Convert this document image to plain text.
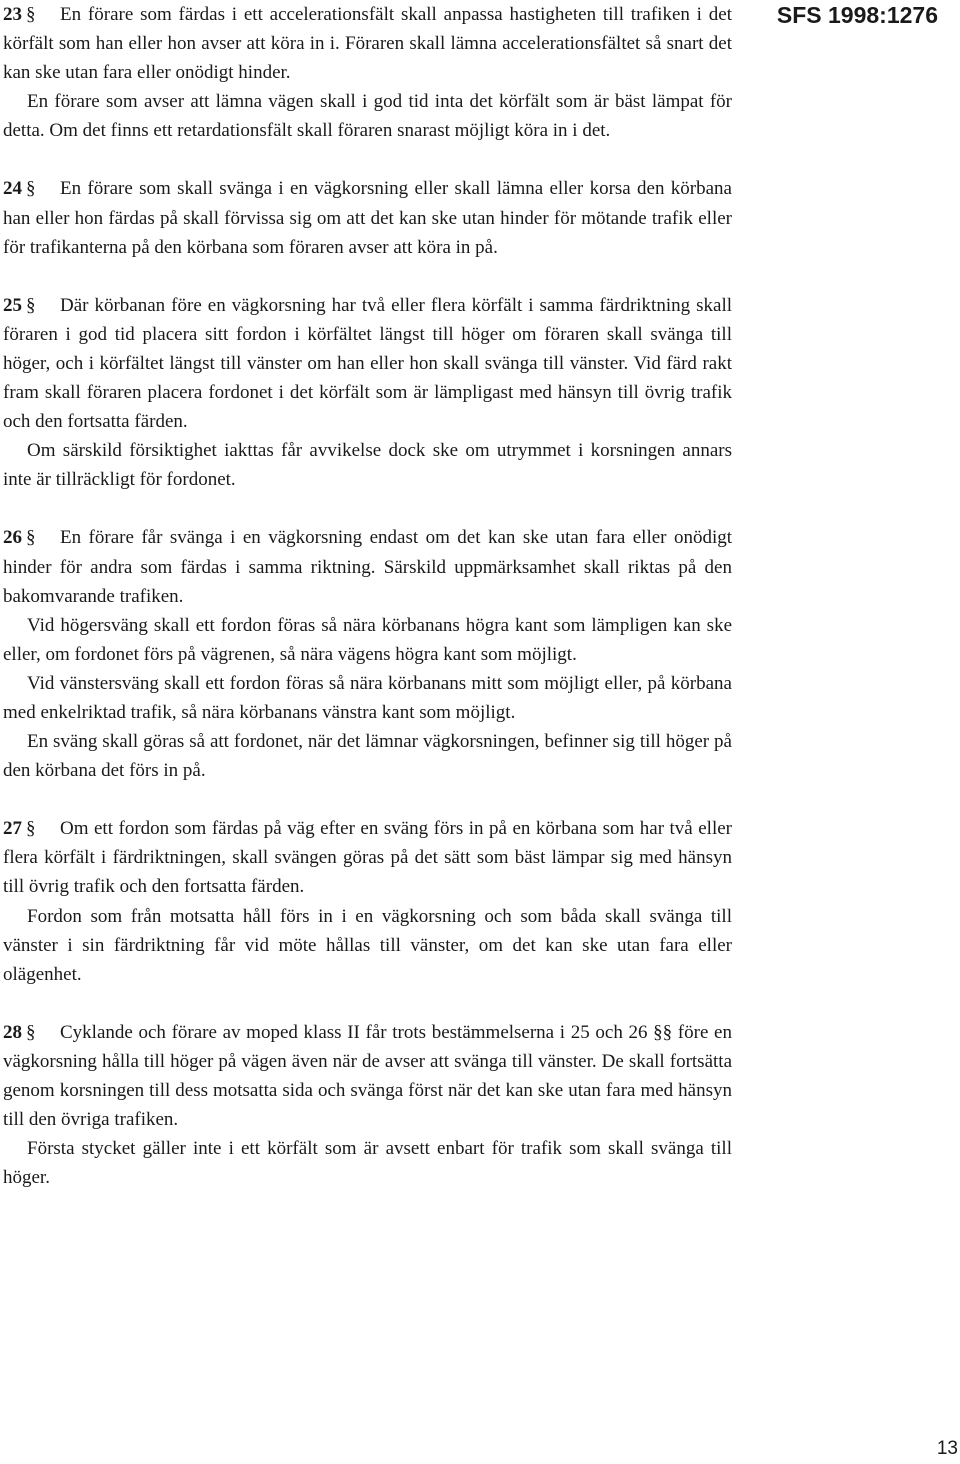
SFS 1998:1276

23 § En förare som färdas i ett accelerationsfält skall anpassa hastigheten till trafiken i det körfält som han eller hon avser att köra in i. Föraren skall lämna accelerationsfältet så snart det kan ske utan fara eller onödigt hinder.

En förare som avser att lämna vägen skall i god tid inta det körfält som är bäst lämpat för detta. Om det finns ett retardationsfält skall föraren snarast möjligt köra in i det.

24 § En förare som skall svänga i en vägkorsning eller skall lämna eller korsa den körbana han eller hon färdas på skall förvissa sig om att det kan ske utan hinder för mötande trafik eller för trafikanterna på den körbana som föraren avser att köra in på.

25 § Där körbanan före en vägkorsning har två eller flera körfält i samma färdriktning skall föraren i god tid placera sitt fordon i körfältet längst till höger om föraren skall svänga till höger, och i körfältet längst till vänster om han eller hon skall svänga till vänster. Vid färd rakt fram skall föraren placera fordonet i det körfält som är lämpligast med hänsyn till övrig trafik och den fortsatta färden.

Om särskild försiktighet iakttas får avvikelse dock ske om utrymmet i korsningen annars inte är tillräckligt för fordonet.

26 § En förare får svänga i en vägkorsning endast om det kan ske utan fara eller onödigt hinder för andra som färdas i samma riktning. Särskild uppmärksamhet skall riktas på den bakomvarande trafiken.

Vid högersväng skall ett fordon föras så nära körbanans högra kant som lämpligen kan ske eller, om fordonet förs på vägrenen, så nära vägens högra kant som möjligt.

Vid vänstersväng skall ett fordon föras så nära körbanans mitt som möjligt eller, på körbana med enkelriktad trafik, så nära körbanans vänstra kant som möjligt.

En sväng skall göras så att fordonet, när det lämnar vägkorsningen, befinner sig till höger på den körbana det förs in på.

27 § Om ett fordon som färdas på väg efter en sväng förs in på en körbana som har två eller flera körfält i färdriktningen, skall svängen göras på det sätt som bäst lämpar sig med hänsyn till övrig trafik och den fortsatta färden.

Fordon som från motsatta håll förs in i en vägkorsning och som båda skall svänga till vänster i sin färdriktning får vid möte hållas till vänster, om det kan ske utan fara eller olägenhet.

28 § Cyklande och förare av moped klass II får trots bestämmelserna i 25 och 26 §§ före en vägkorsning hålla till höger på vägen även när de avser att svänga till vänster. De skall fortsätta genom korsningen till dess motsatta sida och svänga först när det kan ske utan fara med hänsyn till den övriga trafiken.

Första stycket gäller inte i ett körfält som är avsett enbart för trafik som skall svänga till höger.

13
